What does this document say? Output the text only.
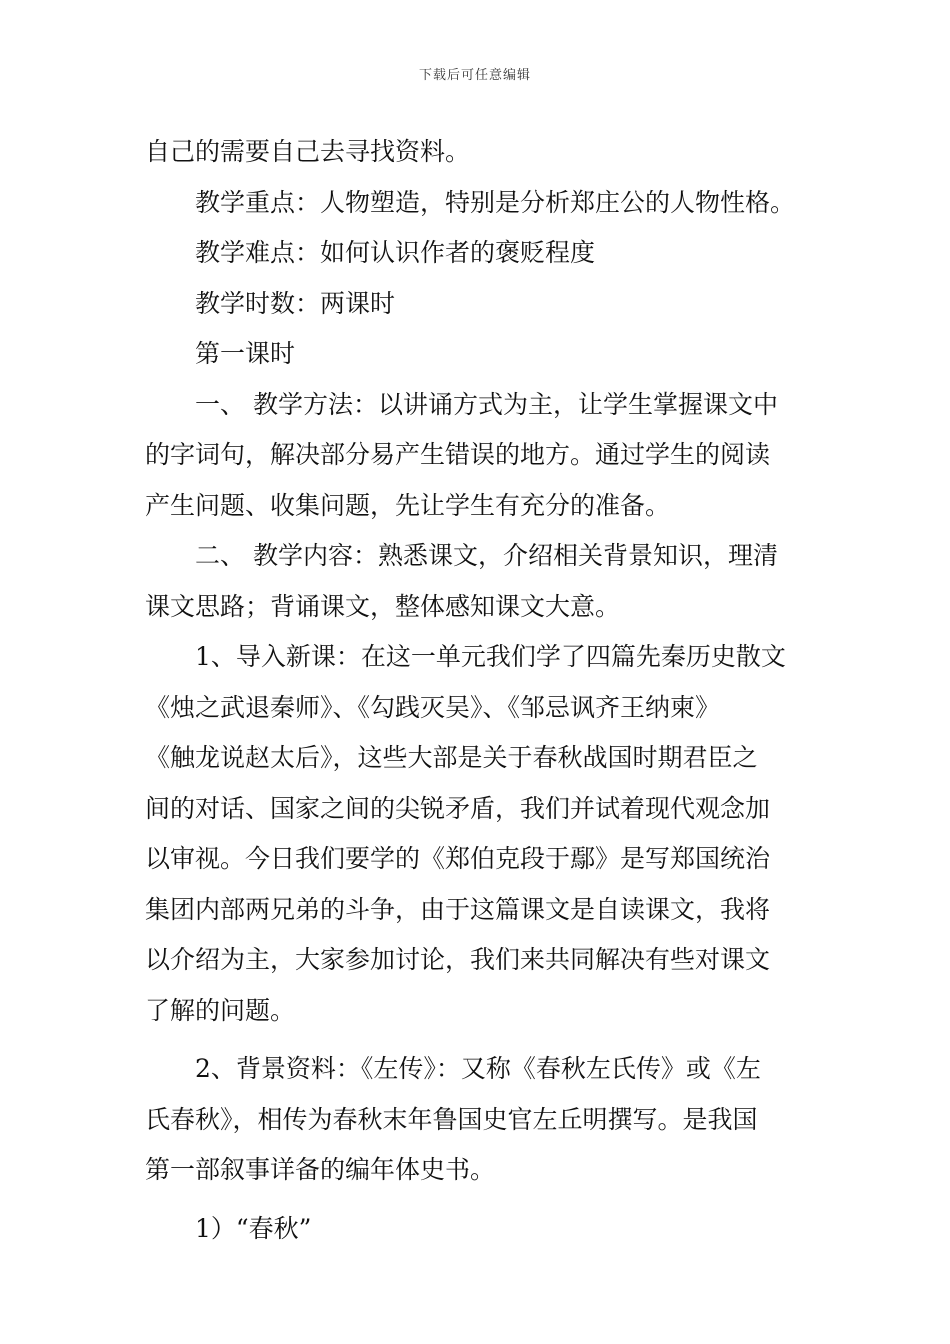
下载后可任意编辑
自己的需要自己去寻找资料。
教学重点：人物塑造，特别是分析郑庄公的人物性格。
教学难点：如何认识作者的褒贬程度
教学时数：两课时
第一课时
一、 教学方法：以讲诵方式为主，让学生掌握课文中
的字词句，解决部分易产生错误的地方。通过学生的阅读
产生问题、收集问题，先让学生有充分的准备。
二、 教学内容：熟悉课文，介绍相关背景知识，理清
课文思路；背诵课文，整体感知课文大意。
1、导入新课：在这一单元我们学了四篇先秦历史散文
《烛之武退秦师》、《勾践灭吴》、《邹忌讽齐王纳柬》
《触龙说赵太后》，这些大部是关于春秋战国时期君臣之
间的对话、国家之间的尖锐矛盾，我们并试着现代观念加
以审视。今日我们要学的《郑伯克段于鄢》是写郑国统治
集团内部两兄弟的斗争，由于这篇课文是自读课文，我将
以介绍为主，大家参加讨论，我们来共同解决有些对课文
了解的问题。
2、背景资料：《左传》：又称《春秋左氏传》或《左
氏春秋》，相传为春秋末年鲁国史官左丘明撰写。是我国
第一部叙事详备的编年体史书。
1）“春秋”
